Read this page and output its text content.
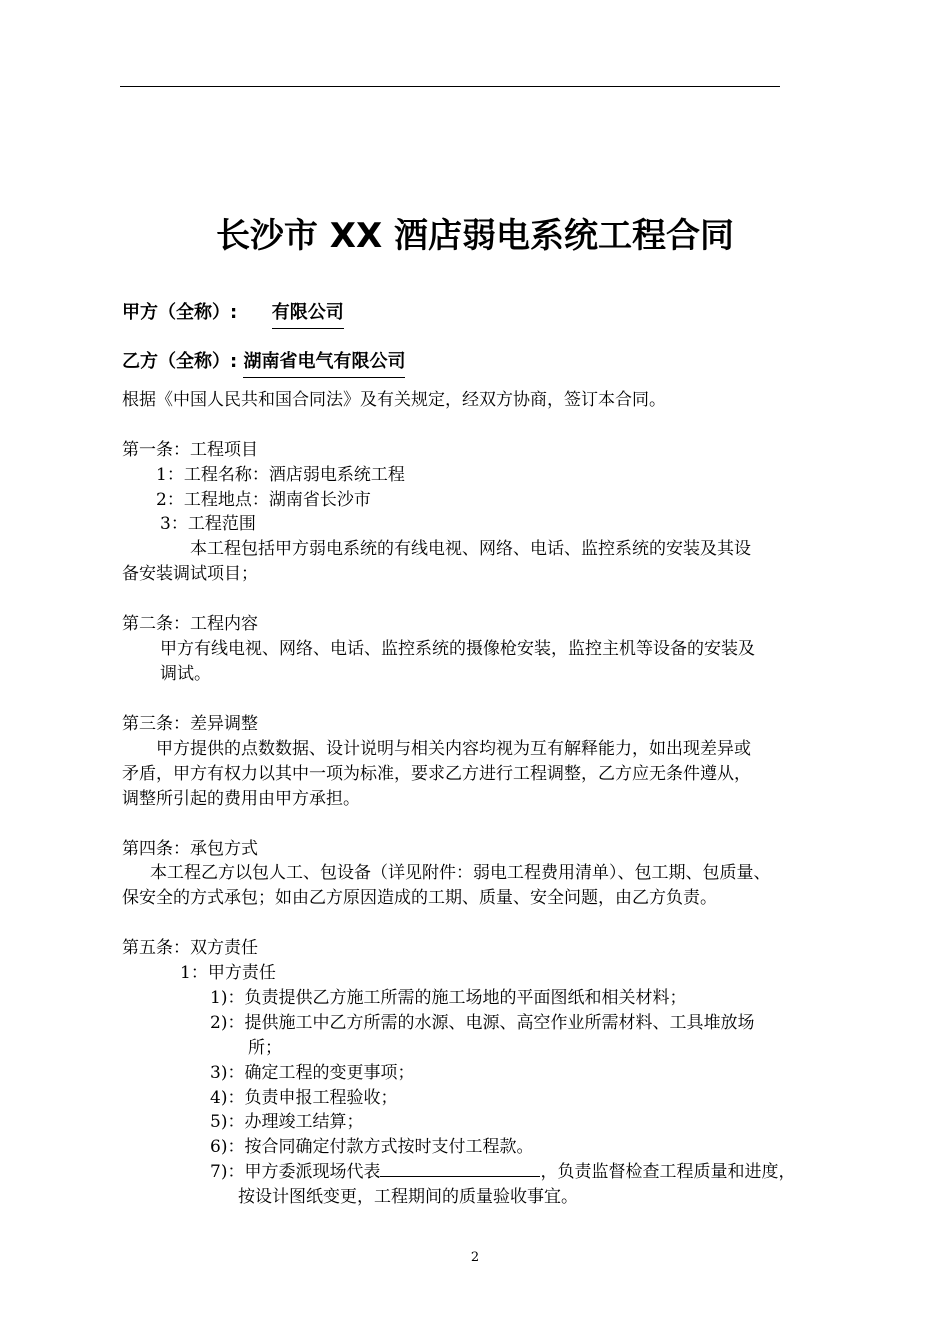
长沙市 XX 酒店弱电系统工程合同
甲方（全称）: 有限公司
乙方（全称）: 湖南省电气有限公司
根据《中国人民共和国合同法》及有关规定，经双方协商，签订本合同。
第一条：工程项目
1：工程名称：酒店弱电系统工程
2：工程地点：湖南省长沙市
3：工程范围
本工程包括甲方弱电系统的有线电视、网络、电话、监控系统的安装及其设
备安装调试项目；
第二条：工程内容
甲方有线电视、网络、电话、监控系统的摄像枪安装，监控主机等设备的安装及
调试。
第三条：差异调整
甲方提供的点数数据、设计说明与相关内容均视为互有解释能力，如出现差异或
矛盾，甲方有权力以其中一项为标准，要求乙方进行工程调整，乙方应无条件遵从，
调整所引起的费用由甲方承担。
第四条：承包方式
本工程乙方以包人工、包设备（详见附件：弱电工程费用清单）、包工期、包质量、
保安全的方式承包；如由乙方原因造成的工期、质量、安全问题，由乙方负责。
第五条：双方责任
1：甲方责任
1)：负责提供乙方施工所需的施工场地的平面图纸和相关材料；
2)：提供施工中乙方所需的水源、电源、高空作业所需材料、工具堆放场
所；
3)：确定工程的变更事项；
4)：负责申报工程验收；
5)：办理竣工结算；
6)：按合同确定付款方式按时支付工程款。
7)：甲方委派现场代表	，负责监督检查工程质量和进度，
按设计图纸变更，工程期间的质量验收事宜。
2
